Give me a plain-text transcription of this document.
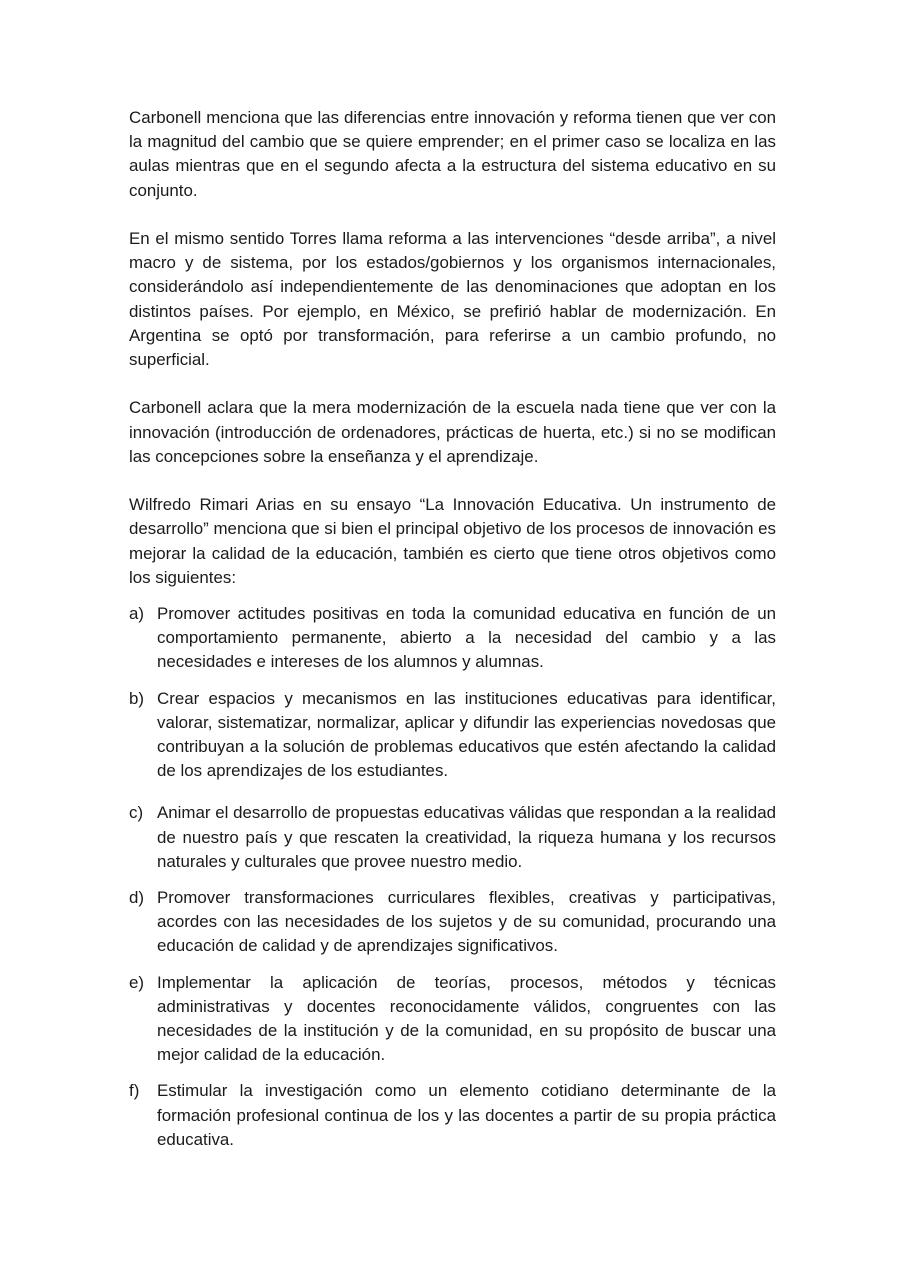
Carbonell menciona que las diferencias entre innovación y reforma tienen que ver con la magnitud del cambio que se quiere emprender; en el primer caso se localiza en las aulas mientras que en el segundo afecta a la estructura del sistema educativo en su conjunto.

En el mismo sentido Torres llama reforma a las intervenciones “desde arriba”, a nivel macro y de sistema, por los estados/gobiernos y los organismos internacionales, considerándolo así independientemente de las denominaciones que adoptan en los distintos países. Por ejemplo, en México, se prefirió hablar de modernización. En Argentina se optó por transformación, para referirse a un cambio profundo, no superficial.

Carbonell aclara que la mera modernización de la escuela nada tiene que ver con la innovación (introducción de ordenadores, prácticas de huerta, etc.) si no se modifican las concepciones sobre la enseñanza y el aprendizaje.

Wilfredo Rimari Arias en su ensayo “La Innovación Educativa. Un instrumento de desarrollo” menciona que si bien el principal objetivo de los procesos de innovación es mejorar la calidad de la educación, también es cierto que tiene otros objetivos como los siguientes:

a) Promover actitudes positivas en toda la comunidad educativa en función de un comportamiento permanente, abierto a la necesidad del cambio y a las necesidades e intereses de los alumnos y alumnas.
b) Crear espacios y mecanismos en las instituciones educativas para identificar, valorar, sistematizar, normalizar, aplicar y difundir las experiencias novedosas que contribuyan a la solución de problemas educativos que estén afectando la calidad de los aprendizajes de los estudiantes.
c) Animar el desarrollo de propuestas educativas válidas que respondan a la realidad de nuestro país y que rescaten la creatividad, la riqueza humana y los recursos naturales y culturales que provee nuestro medio.
d) Promover transformaciones curriculares flexibles, creativas y participativas, acordes con las necesidades de los sujetos y de su comunidad, procurando una educación de calidad y de aprendizajes significativos.
e) Implementar la aplicación de teorías, procesos, métodos y técnicas administrativas y docentes reconocidamente válidos, congruentes con las necesidades de la institución y de la comunidad, en su propósito de buscar una mejor calidad de la educación.
f)	Estimular la investigación como un elemento cotidiano determinante de la formación profesional continua de los y las docentes a partir de su propia práctica educativa.
